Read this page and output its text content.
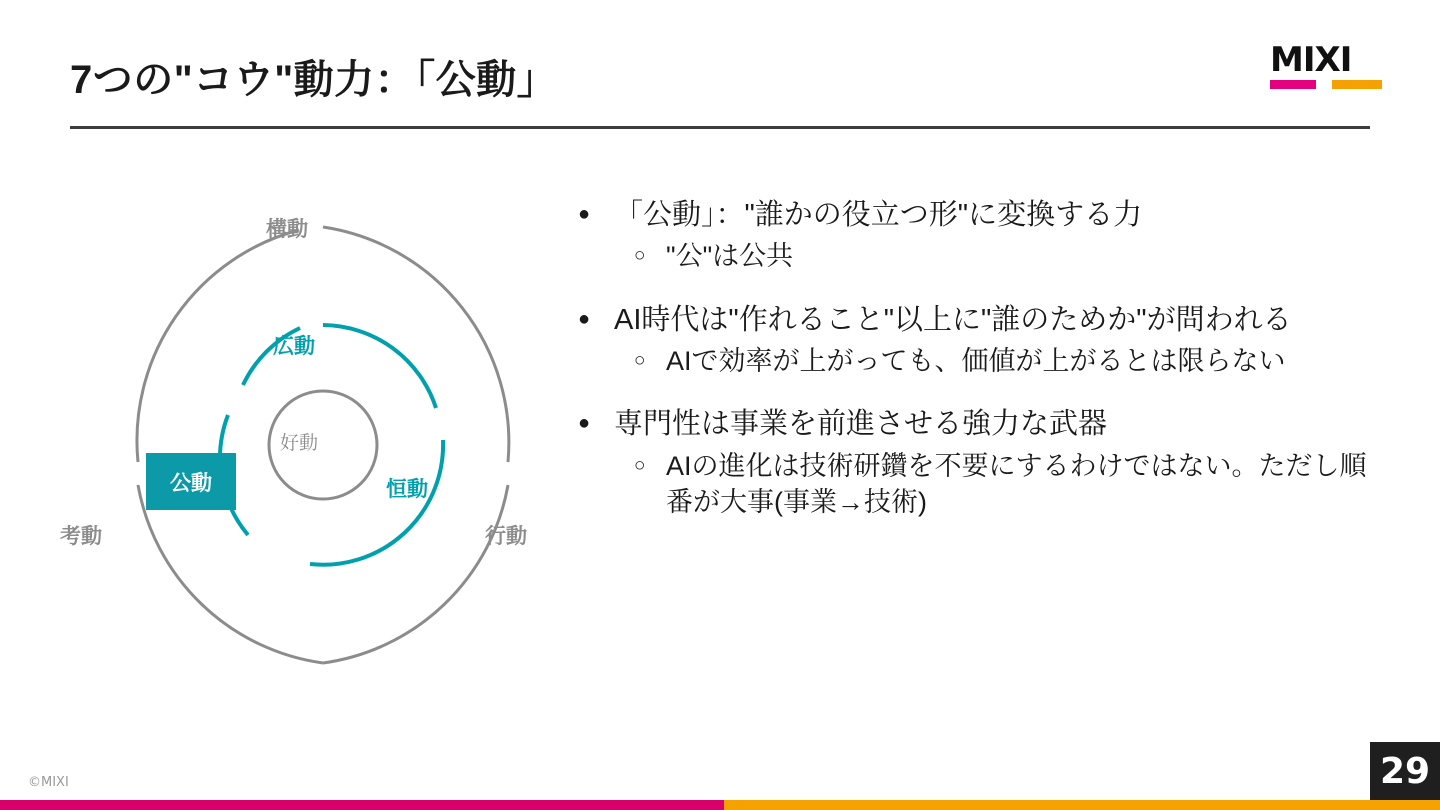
7つの"コウ"動力：「公動」	MIXI
構動
考動	行動
広動
恒動
好動
公動
● 「公動」："誰かの役立つ形"に変換する力
○ "公"は公共
● AI時代は"作れること"以上に"誰のためか"が問われる
○ AIで効率が上がっても、価値が上がるとは限らない
● 専門性は事業を前進させる強力な武器
○ AIの進化は技術研鑽を不要にするわけではない。ただし順番が大事(事業→技術)
©MIXI	29
